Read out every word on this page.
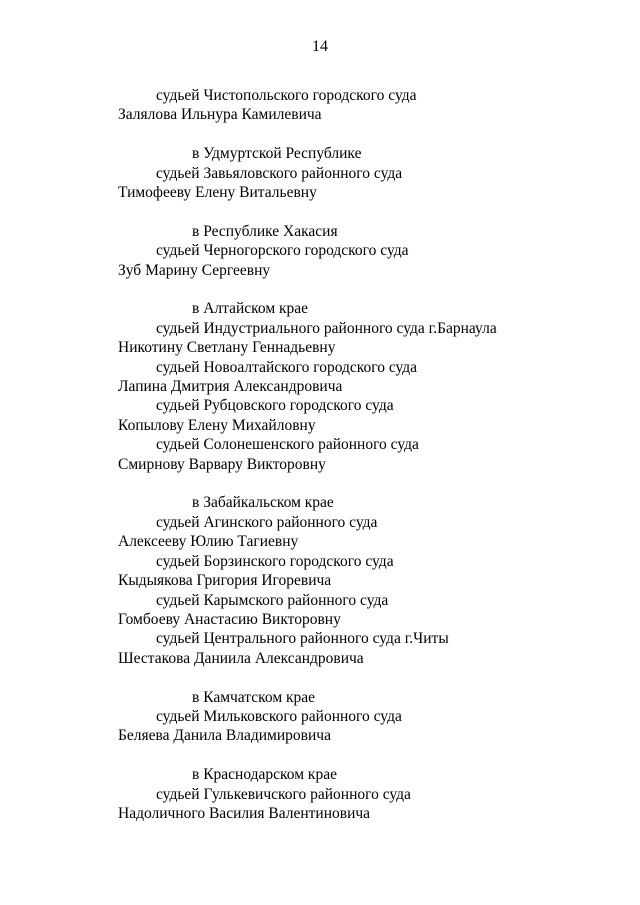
14
судьей Чистопольского городского суда
Залялова Ильнура Камилевича
в Удмуртской Республике
судьей Завьяловского районного суда
Тимофееву Елену Витальевну
в Республике Хакасия
судьей Черногорского городского суда
Зуб Марину Сергеевну
в Алтайском крае
судьей Индустриального районного суда г.Барнаула
Никотину Светлану Геннадьевну
судьей Новоалтайского городского суда
Лапина Дмитрия Александровича
судьей Рубцовского городского суда
Копылову Елену Михайловну
судьей Солонешенского районного суда
Смирнову Варвару Викторовну
в Забайкальском крае
судьей Агинского районного суда
Алексееву Юлию Тагиевну
судьей Борзинского городского суда
Кыдыякова Григория Игоревича
судьей Карымского районного суда
Гомбоеву Анастасию Викторовну
судьей Центрального районного суда г.Читы
Шестакова Даниила Александровича
в Камчатском крае
судьей Мильковского районного суда
Беляева Данила Владимировича
в Краснодарском крае
судьей Гулькевичского районного суда
Надоличного Василия Валентиновича
